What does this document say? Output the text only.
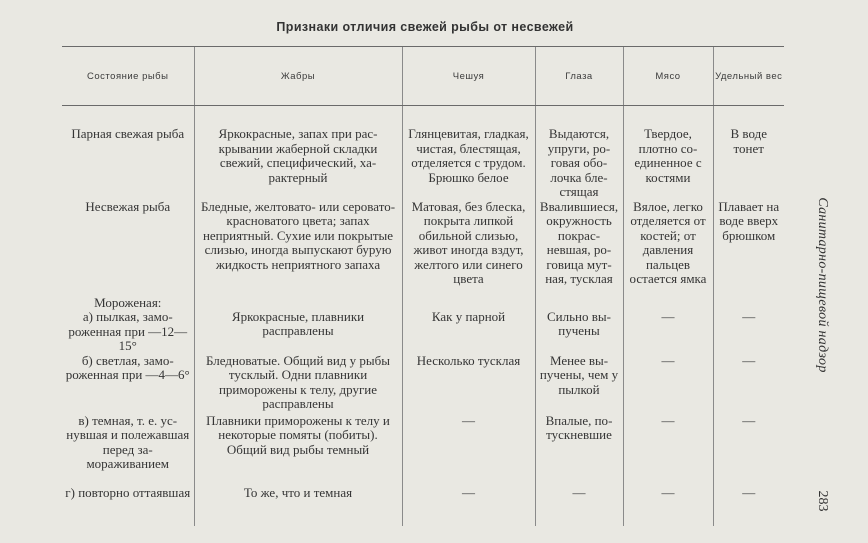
Признаки отличия свежей рыбы от несвежей
Состояние рыбы	Жабры	Чешуя	Глаза	Мясо	Удельный вес

Парная свежая рыба	Яркокрасные, запах при раскрывании жаберной складки свежий, специфический, характерный	Глянцевитая, гладкая, чистая, блестящая, отделяется с трудом. Брюшко белое	Выдаются, упруги, роговая оболочка блестящая	Твердое, плотно соединенное с костями	В воде тонет
Несвежая рыба	Бледные, желтовато- или серовато-красноватого цвета; запах неприятный. Сухие или покрытые слизью, иногда выпускают бурую жидкость неприятного запаха	Матовая, без блеска, покрыта липкой обильной слизью, живот иногда вздут, желтого или синего цвета	Ввалившиеся, окружность покрасневшая, роговица мутная, тусклая	Вялое, легко отделяется от костей; от давления пальцев остается ямка	Плавает на воде вверх брюшком
Мороженая:
а) пылкая, замороженная при —12—15°	Яркокрасные, плавники расправлены	Как у парной	Сильно выпучены	—	—
б) светлая, замороженная при —4—6°	Бледноватые. Общий вид у рыбы тусклый. Одни плавники приморожены к телу, другие расправлены	Несколько тусклая	Менее выпучены, чем у пылкой	—	—
в) темная, т. е. уснувшая и полежавшая перед замораживанием	Плавники приморожены к телу и некоторые помяты (побиты). Общий вид рыбы темный	—	Впалые, потускневшие	—	—
г) повторно оттаявшая	То же, что и темная	—	—	—	—
Санитарно-пищевой надзор
283
